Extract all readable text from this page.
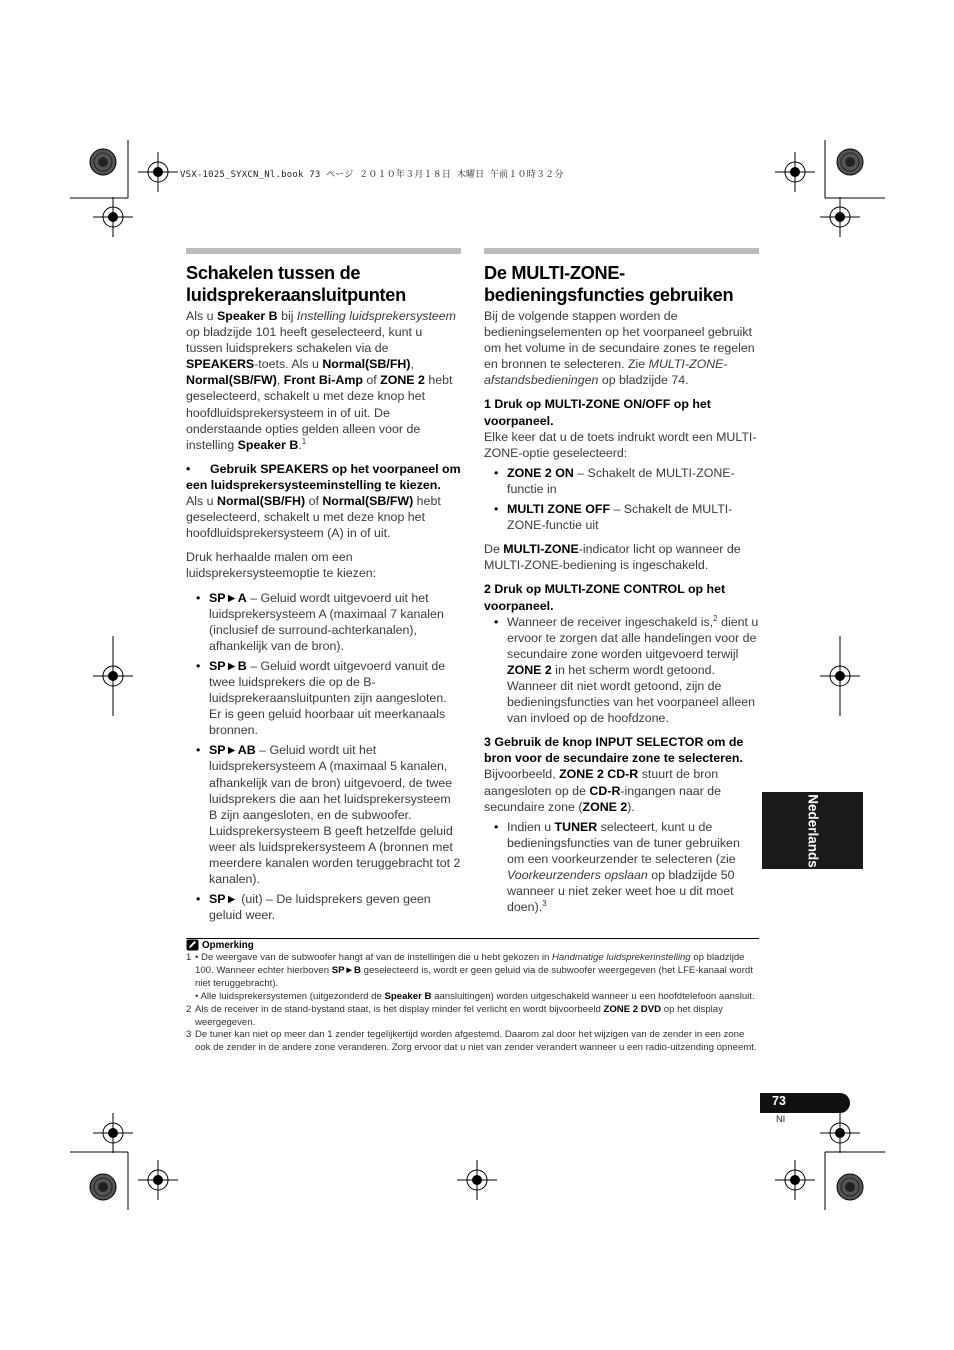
VSX-1025_SYXCN_Nl.book 73 ページ ２０１０年３月１８日 木曜日 午前１０時３２分
Schakelen tussen de
luidsprekeraansluitpunten

Als u Speaker B bij Instelling luidsprekersysteem op bladzijde 101 heeft geselecteerd, kunt u tussen luidsprekers schakelen via de SPEAKERS-toets. Als u Normal(SB/FH), Normal(SB/FW), Front Bi-Amp of ZONE 2 hebt geselecteerd, schakelt u met deze knop het hoofdluidsprekersysteem in of uit. De onderstaande opties gelden alleen voor de instelling Speaker B.$^1$

• Gebruik SPEAKERS op het voorpaneel om een luidsprekersysteeminstelling te kiezen.

Als u Normal(SB/FH) of Normal(SB/FW) hebt geselecteerd, schakelt u met deze knop het hoofdluidsprekersysteem (A) in of uit.

Druk herhaalde malen om een luidsprekersysteemoptie te kiezen:

• SP►A – Geluid wordt uitgevoerd uit het luidsprekersysteem A (maximaal 7 kanalen (inclusief de surround-achterkanalen), afhankelijk van de bron).
• SP►B – Geluid wordt uitgevoerd vanuit de twee luidsprekers die op de B-luidsprekeraansluitpunten zijn aangesloten. Er is geen geluid hoorbaar uit meerkanaals bronnen.
• SP►AB – Geluid wordt uit het luidsprekersysteem A (maximaal 5 kanalen, afhankelijk van de bron) uitgevoerd, de twee luidsprekers die aan het luidsprekersysteem B zijn aangesloten, en de subwoofer. Luidsprekersysteem B geeft hetzelfde geluid weer als luidsprekersysteem A (bronnen met meerdere kanalen worden teruggebracht tot 2 kanalen).
• SP► (uit) – De luidsprekers geven geen geluid weer.
De MULTI-ZONE-
bedieningsfuncties gebruiken

Bij de volgende stappen worden de bedieningselementen op het voorpaneel gebruikt om het volume in de secundaire zones te regelen en bronnen te selecteren. Zie MULTI-ZONE-afstandsbedieningen op bladzijde 74.

1 Druk op MULTI-ZONE ON/OFF op het voorpaneel.

Elke keer dat u de toets indrukt wordt een MULTI-ZONE-optie geselecteerd:

• ZONE 2 ON – Schakelt de MULTI-ZONE-functie in
• MULTI ZONE OFF – Schakelt de MULTI-ZONE-functie uit

De MULTI-ZONE-indicator licht op wanneer de MULTI-ZONE-bediening is ingeschakeld.

2 Druk op MULTI-ZONE CONTROL op het voorpaneel.

• Wanneer de receiver ingeschakeld is,$^2$ dient u ervoor te zorgen dat alle handelingen voor de secundaire zone worden uitgevoerd terwijl ZONE 2 in het scherm wordt getoond. Wanneer dit niet wordt getoond, zijn de bedieningsfuncties van het voorpaneel alleen van invloed op de hoofdzone.

3 Gebruik de knop INPUT SELECTOR om de bron voor de secundaire zone te selecteren.

Bijvoorbeeld, ZONE 2 CD-R stuurt de bron aangesloten op de CD-R-ingangen naar de secundaire zone (ZONE 2).

• Indien u TUNER selecteert, kunt u de bedieningsfuncties van de tuner gebruiken om een voorkeurzender te selecteren (zie Voorkeurzenders opslaan op bladzijde 50 wanneer u niet zeker weet hoe u dit moet doen).$^3$
Opmerking
1 • De weergave van de subwoofer hangt af van de instellingen die u hebt gekozen in Handmatige luidsprekerinstelling op bladzijde 100. Wanneer echter hierboven SP►B geselecteerd is, wordt er geen geluid via de subwoofer weergegeven (het LFE-kanaal wordt niet teruggebracht).
• Alle luidsprekersystemen (uitgezonderd de Speaker B aansluitingen) worden uitgeschakeld wanneer u een hoofdtelefoon aansluit.
2 Als de receiver in de stand-bystand staat, is het display minder fel verlicht en wordt bijvoorbeeld ZONE 2 DVD op het display weergegeven.
3 De tuner kan niet op meer dan 1 zender tegelijkertijd worden afgestemd. Daarom zal door het wijzigen van de zender in een zone ook de zender in de andere zone veranderen. Zorg ervoor dat u niet van zender verandert wanneer u een radio-uitzending opneemt.
Nederlands
73
Nl
